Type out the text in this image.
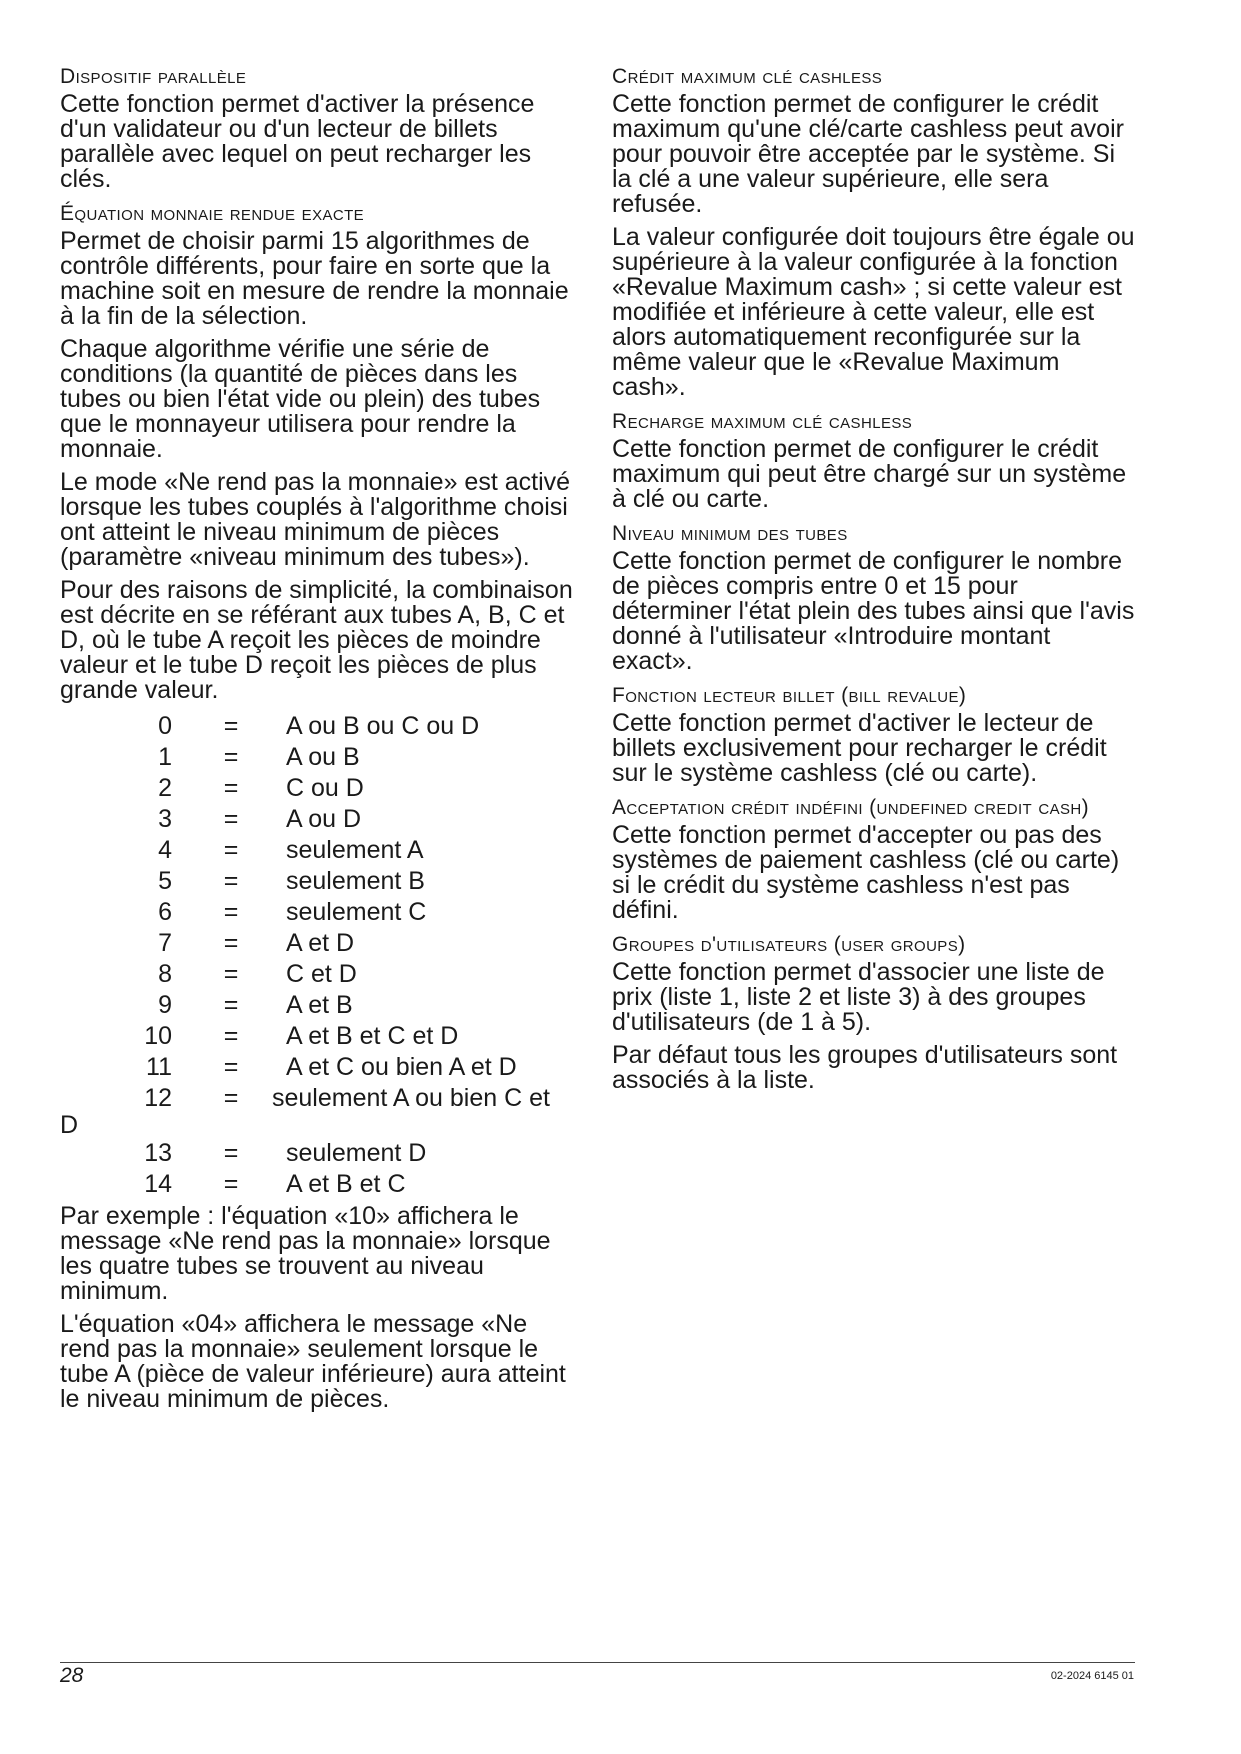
Dispositif parallèle

Cette fonction permet d'activer la présence d'un validateur ou d'un lecteur de billets parallèle avec lequel on peut recharger les clés.

Équation monnaie rendue exacte

Permet de choisir parmi 15 algorithmes de contrôle différents, pour faire en sorte que la machine soit en mesure de rendre la monnaie à la fin de la sélection.

Chaque algorithme vérifie une série de conditions (la quantité de pièces dans les tubes ou bien l'état vide ou plein) des tubes que le monnayeur utilisera pour rendre la monnaie.

Le mode «Ne rend pas la monnaie» est activé lorsque les tubes couplés à l'algorithme choisi ont atteint le niveau minimum de pièces (paramètre «niveau minimum des tubes»).

Pour des raisons de simplicité, la combinaison est décrite en se référant aux tubes A, B, C et D, où le tube A reçoit les pièces de moindre valeur et le tube D reçoit les pièces de plus grande valeur.

0	=	A ou B ou C ou D
1	=	A ou B
2	=	C ou D
3	=	A ou D
4	=	seulement A
5	=	seulement B
6	=	seulement C
7	=	A et D
8	=	C et D
9	=	A et B
10	=	A et B et C et D
11	=	A et C ou bien A et D
12	=	seulement A ou bien C et
D
13	=	seulement D
14	=	A et B et C

Par exemple : l'équation «10» affichera le message «Ne rend pas la monnaie» lorsque les quatre tubes se trouvent au niveau minimum.

L'équation «04» affichera le message «Ne rend pas la monnaie» seulement lorsque le tube A (pièce de valeur inférieure) aura atteint le niveau minimum de pièces.

Crédit maximum clé cashless

Cette fonction permet de configurer le crédit maximum qu'une clé/carte cashless peut avoir pour pouvoir être acceptée par le système. Si la clé a une valeur supérieure, elle sera refusée.

La valeur configurée doit toujours être égale ou supérieure à la valeur configurée à la fonction «Revalue Maximum cash» ; si cette valeur est modifiée et inférieure à cette valeur, elle est alors automatiquement reconfigurée sur la même valeur que le «Revalue Maximum cash».

Recharge maximum clé cashless

Cette fonction permet de configurer le crédit maximum qui peut être chargé sur un système à clé ou carte.

Niveau minimum des tubes

Cette fonction permet de configurer le nombre de pièces compris entre 0 et 15 pour déterminer l'état plein des tubes ainsi que l'avis donné à l'utilisateur «Introduire montant exact».

Fonction lecteur billet (bill revalue)

Cette fonction permet d'activer le lecteur de billets exclusivement pour recharger le crédit sur le système cashless (clé ou carte).

Acceptation crédit indéfini (undefined credit cash)

Cette fonction permet d'accepter ou pas des systèmes de paiement cashless (clé ou carte) si le crédit du système cashless n'est pas défini.

Groupes d'utilisateurs (user groups)

Cette fonction permet d'associer une liste de prix (liste 1, liste 2 et liste 3) à des groupes d'utilisateurs (de 1 à 5).

Par défaut tous les groupes d'utilisateurs sont associés à la liste.

28	02-2024 6145 01
